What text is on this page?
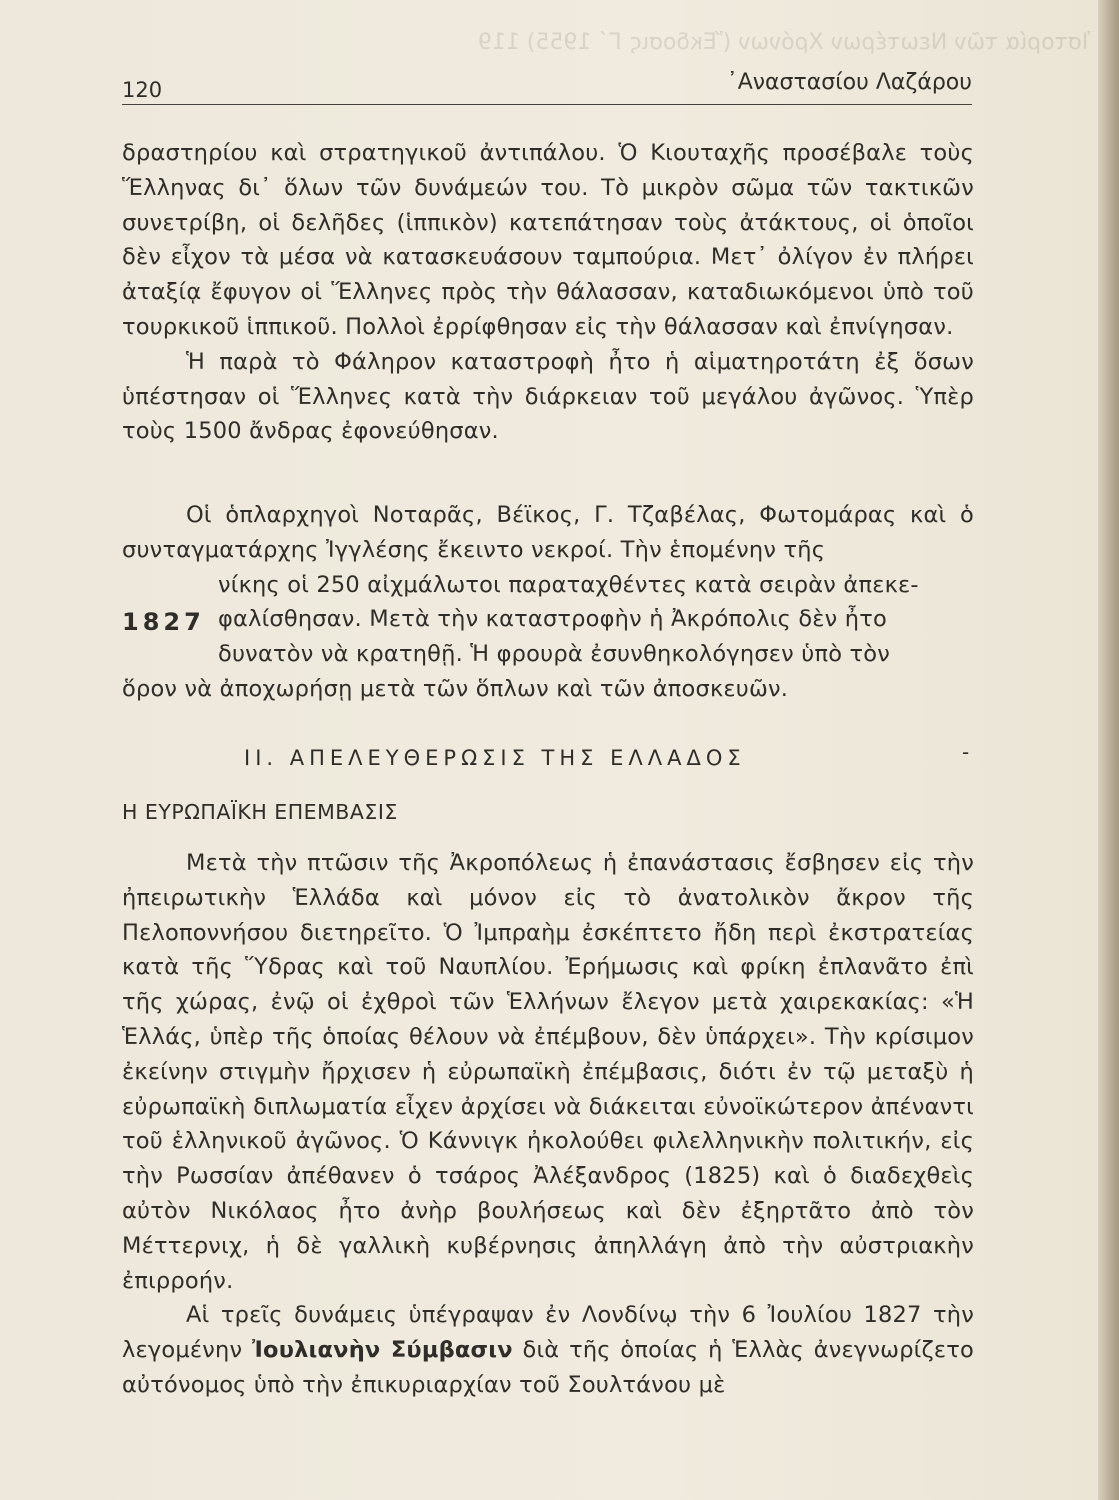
Ἱστορία τῶν Νεωτέρων Χρόνων (Ἔκδοσις Γ´ 1955) 119
120	᾽Αναστασίου Λαζάρου

δραστηρίου καὶ στρατηγικοῦ ἀντιπάλου. Ὁ Κιουταχῆς προσέβαλε τοὺς Ἕλληνας δι᾽ ὅλων τῶν δυνάμεών του. Τὸ μικρὸν σῶμα τῶν τακτικῶν συνετρίβη, οἱ δελῆδες (ἱππικὸν) κατεπάτησαν τοὺς ἀτάκτους, οἱ ὁποῖοι δὲν εἶχον τὰ μέσα νὰ κατασκευάσουν ταμπούρια. Μετ᾽ ὀλίγον ἐν πλήρει ἀταξίᾳ ἔφυγον οἱ Ἕλληνες πρὸς τὴν θάλασσαν, καταδιωκόμενοι ὑπὸ τοῦ τουρκικοῦ ἱππικοῦ. Πολλοὶ ἐρρίφθησαν εἰς τὴν θάλασσαν καὶ ἐπνίγησαν.

Ἡ παρὰ τὸ Φάληρον καταστροφὴ ἦτο ἡ αἱματηροτάτη ἐξ ὅσων ὑπέστησαν οἱ Ἕλληνες κατὰ τὴν διάρκειαν τοῦ μεγάλου ἀγῶνος. Ὑπὲρ τοὺς 1500 ἄνδρας ἐφονεύθησαν.

Οἱ ὁπλαρχηγοὶ Νοταρᾶς, Βέϊκος, Γ. Τζαβέλας, Φωτομάρας καὶ ὁ συνταγματάρχης Ἰγγλέσης ἔκειντο νεκροί. Τὴν ἑπομένην τῆς

1827
νίκης οἱ 250 αἰχμάλωτοι παραταχθέντες κατὰ σειρὰν ἀπεκε-
φαλίσθησαν. Μετὰ τὴν καταστροφὴν ἡ Ἀκρόπολις δὲν ἦτο
δυνατὸν νὰ κρατηθῇ. Ἡ φρουρὰ ἐσυνθηκολόγησεν ὑπὸ τὸν

ὅρον νὰ ἀποχωρήσῃ μετὰ τῶν ὅπλων καὶ τῶν ἀποσκευῶν.

ΙΙ. ΑΠΕΛΕΥΘΕΡΩΣΙΣ ΤΗΣ ΕΛΛΑΔΟΣ	-
Η ΕΥΡΩΠΑΪΚΗ ΕΠΕΜΒΑΣΙΣ

Μετὰ τὴν πτῶσιν τῆς Ἀκροπόλεως ἡ ἐπανάστασις ἔσβησεν εἰς τὴν ἠπειρωτικὴν Ἑλλάδα καὶ μόνον εἰς τὸ ἀνατολικὸν ἄκρον τῆς Πελοποννήσου διετηρεῖτο. Ὁ Ἰμπραὴμ ἐσκέπτετο ἤδη περὶ ἐκστρατείας κατὰ τῆς Ὕδρας καὶ τοῦ Ναυπλίου. Ἐρήμωσις καὶ φρίκη ἐπλανᾶτο ἐπὶ τῆς χώρας, ἐνῷ οἱ ἐχθροὶ τῶν Ἑλλήνων ἔλεγον μετὰ χαιρεκακίας: «Ἡ Ἑλλάς, ὑπὲρ τῆς ὁποίας θέλουν νὰ ἐπέμβουν, δὲν ὑπάρχει». Τὴν κρίσιμον ἐκείνην στιγμὴν ἤρχισεν ἡ εὐρωπαϊκὴ ἐπέμβασις, διότι ἐν τῷ μεταξὺ ἡ εὐρωπαϊκὴ διπλωματία εἶχεν ἀρχίσει νὰ διάκειται εὐνοϊκώτερον ἀπέναντι τοῦ ἑλληνικοῦ ἀγῶνος. Ὁ Κάννιγκ ἠκολούθει φιλελληνικὴν πολιτικήν, εἰς τὴν Ρωσσίαν ἀπέθανεν ὁ τσάρος Ἀλέξανδρος (1825) καὶ ὁ διαδεχθεὶς αὐτὸν Νικόλαος ἦτο ἀνὴρ βουλήσεως καὶ δὲν ἐξηρτᾶτο ἀπὸ τὸν Μέττερνιχ, ἡ δὲ γαλλικὴ κυβέρνησις ἀπηλλάγη ἀπὸ τὴν αὐστριακὴν ἐπιρροήν.

Αἱ τρεῖς δυνάμεις ὑπέγραψαν ἐν Λονδίνῳ τὴν 6 Ἰουλίου 1827 τὴν λεγομένην Ἰουλιανὴν Σύμβασιν διὰ τῆς ὁποίας ἡ Ἑλλὰς ἀνεγνωρίζετο αὐτόνομος ὑπὸ τὴν ἐπικυριαρχίαν τοῦ Σουλτάνου μὲ
